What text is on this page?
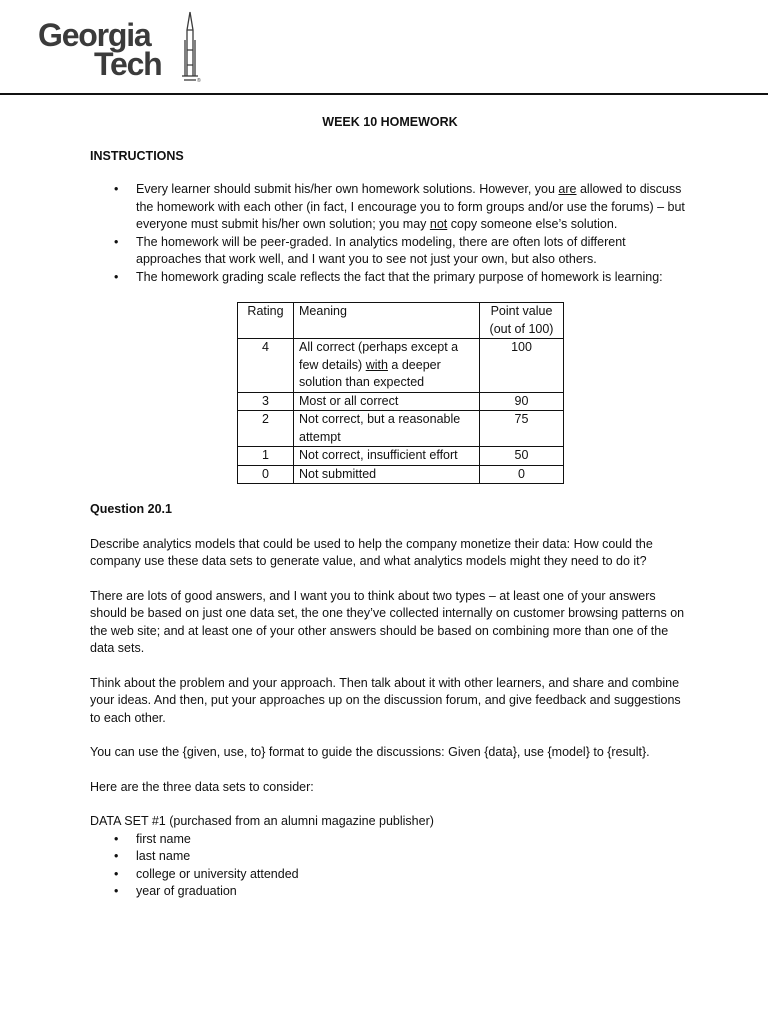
Georgia
Tech	®
WEEK 10 HOMEWORK
INSTRUCTIONS
• Every learner should submit his/her own homework solutions. However, you are allowed to discuss the homework with each other (in fact, I encourage you to form groups and/or use the forums) – but everyone must submit his/her own solution; you may not copy someone else’s solution.
• The homework will be peer-graded. In analytics modeling, there are often lots of different approaches that work well, and I want you to see not just your own, but also others.
• The homework grading scale reflects the fact that the primary purpose of homework is learning:
Rating	Meaning	Point value (out of 100)
4	All correct (perhaps except a few details) with a deeper solution than expected	100
3	Most or all correct	90
2	Not correct, but a reasonable attempt	75
1	Not correct, insufficient effort	50
0	Not submitted	0
Question 20.1
Describe analytics models that could be used to help the company monetize their data: How could the company use these data sets to generate value, and what analytics models might they need to do it?
There are lots of good answers, and I want you to think about two types – at least one of your answers should be based on just one data set, the one they’ve collected internally on customer browsing patterns on the web site; and at least one of your other answers should be based on combining more than one of the data sets.
Think about the problem and your approach. Then talk about it with other learners, and share and combine your ideas. And then, put your approaches up on the discussion forum, and give feedback and suggestions to each other.
You can use the {given, use, to} format to guide the discussions: Given {data}, use {model} to {result}.
Here are the three data sets to consider:
DATA SET #1 (purchased from an alumni magazine publisher)
• first name
• last name
• college or university attended
• year of graduation
